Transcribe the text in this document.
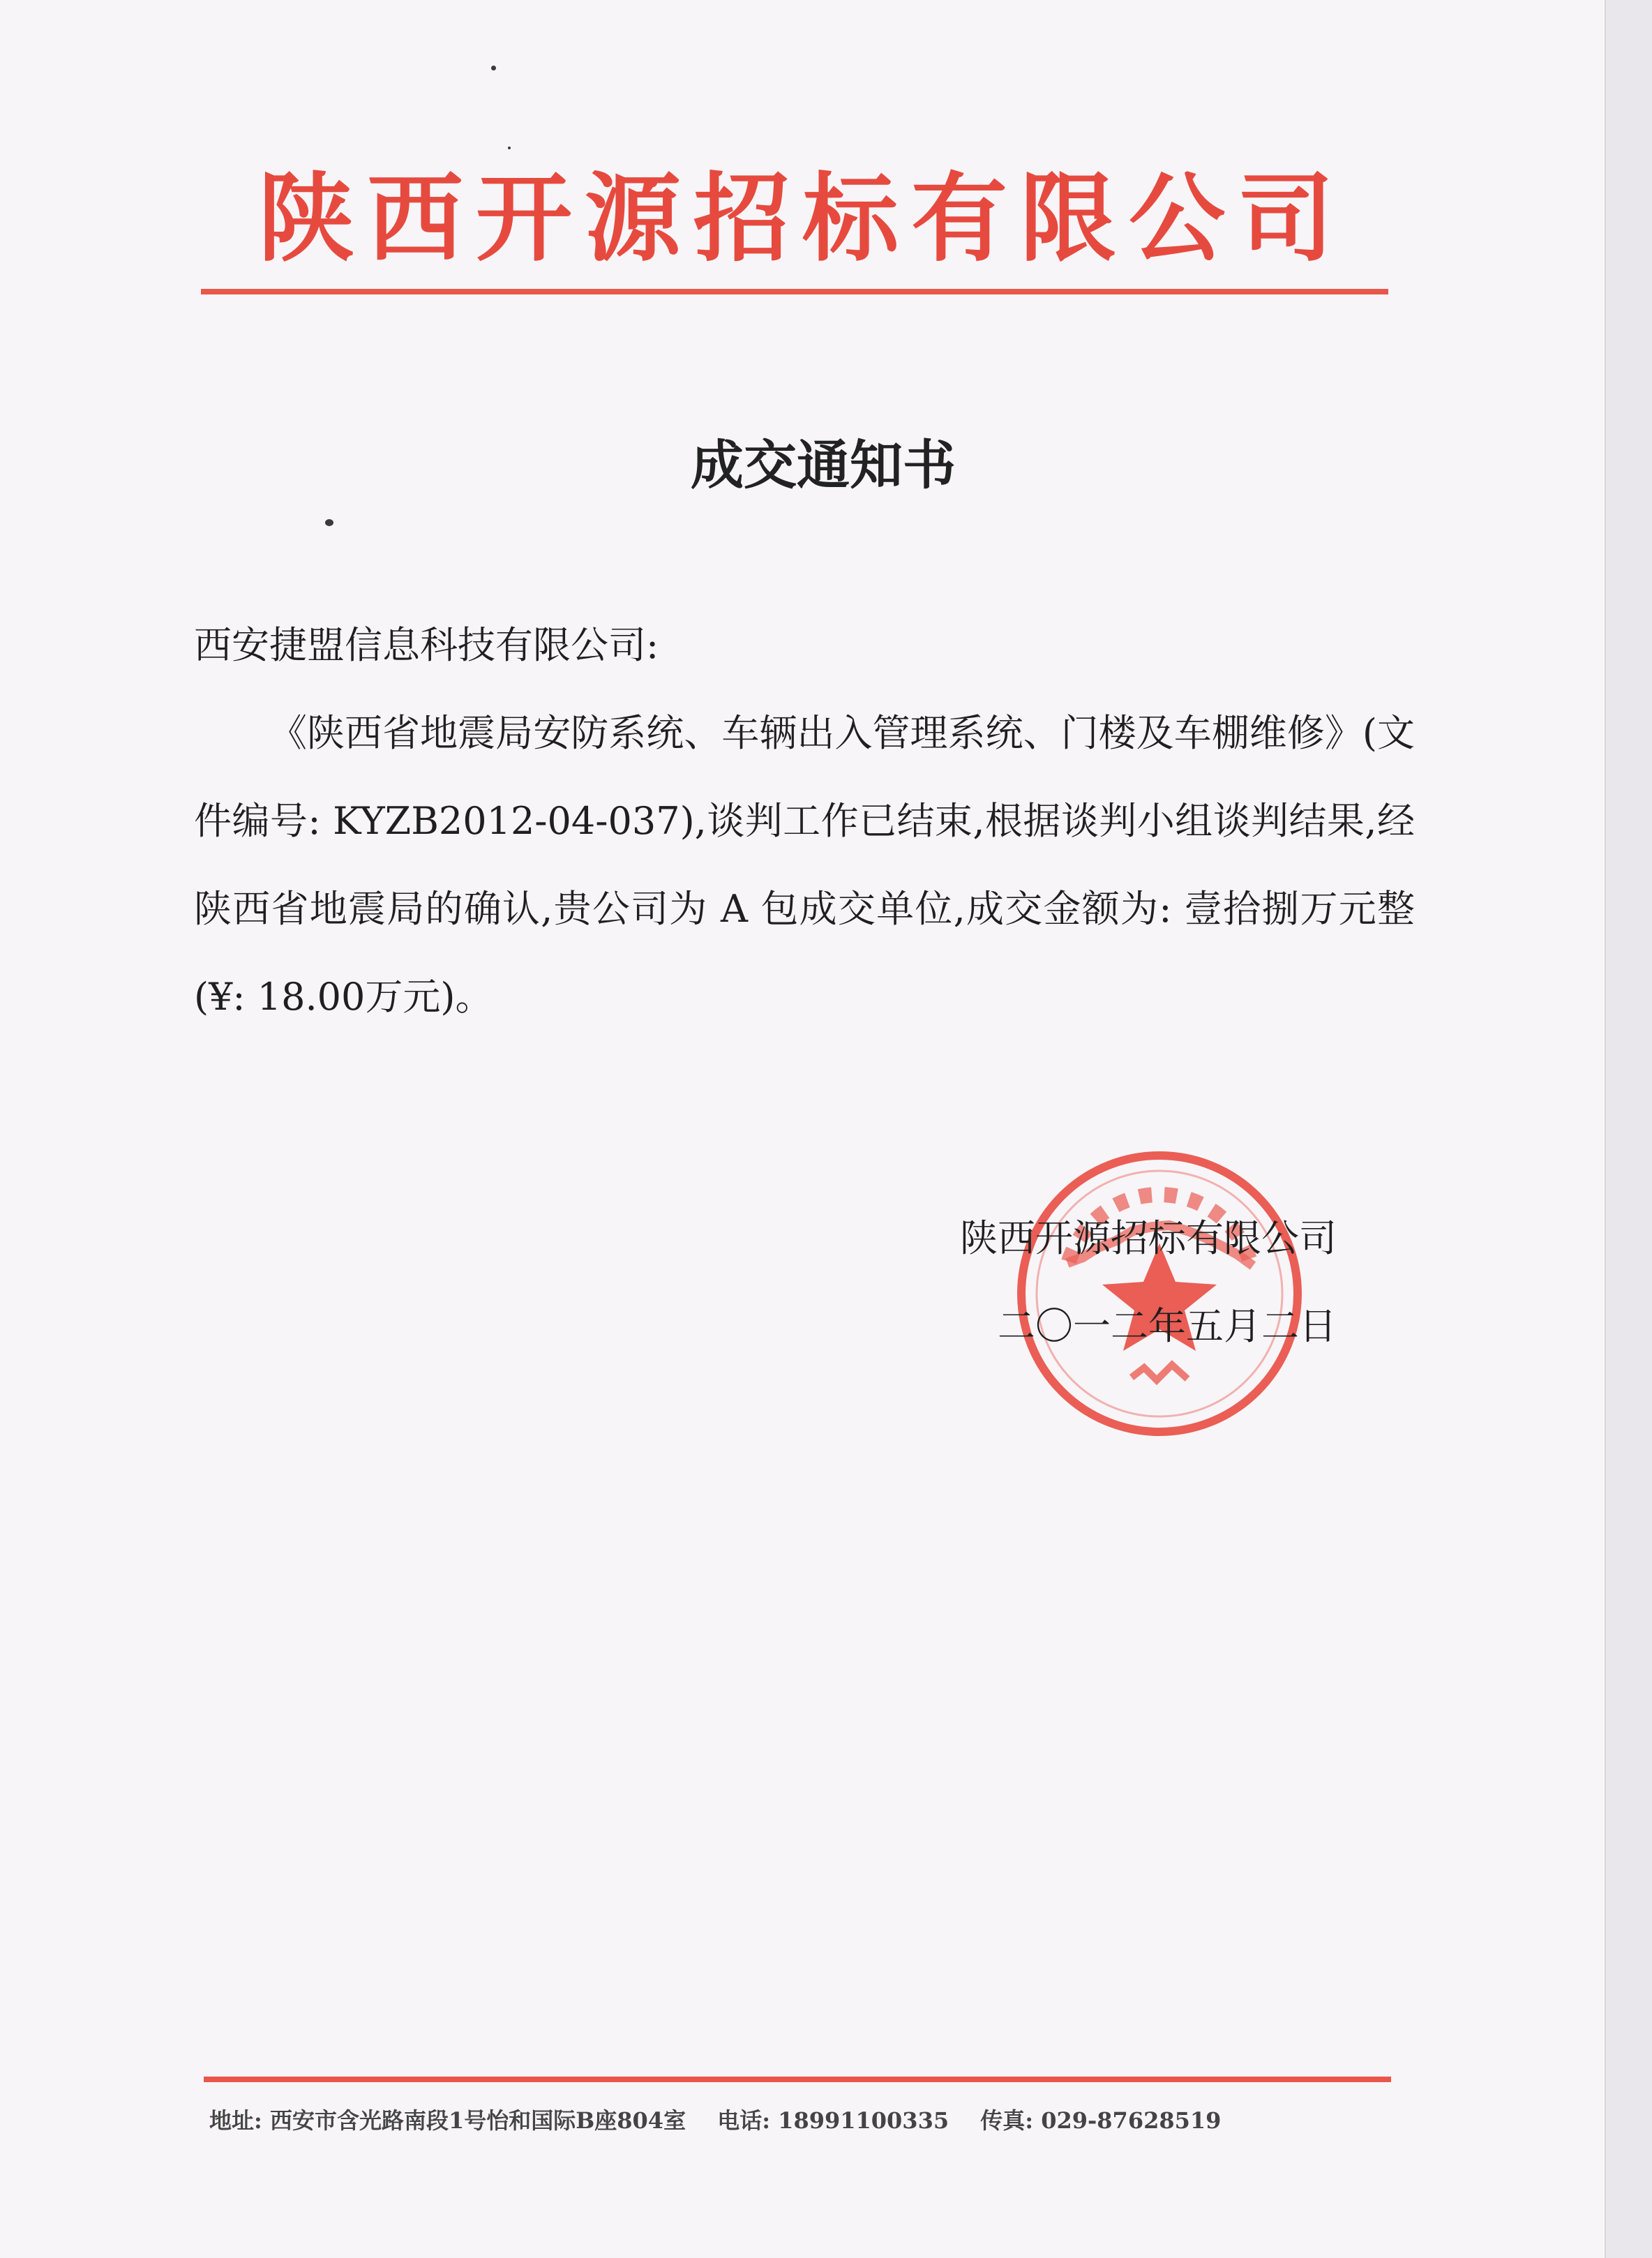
陕西开源招标有限公司
成交通知书

西安捷盟信息科技有限公司:

《陕西省地震局安防系统、车辆出入管理系统、门楼及车棚维修》(文件编号: KYZB2012-04-037),谈判工作已结束,根据谈判小组谈判结果,经陕西省地震局的确认,贵公司为 A 包成交单位,成交金额为: 壹拾捌万元整(¥: 18.00万元)。

陕西开源招标有限公司
二〇一二年五月二日
地址: 西安市含光路南段1号怡和国际B座804室 电话: 18991100335 传真: 029-87628519
